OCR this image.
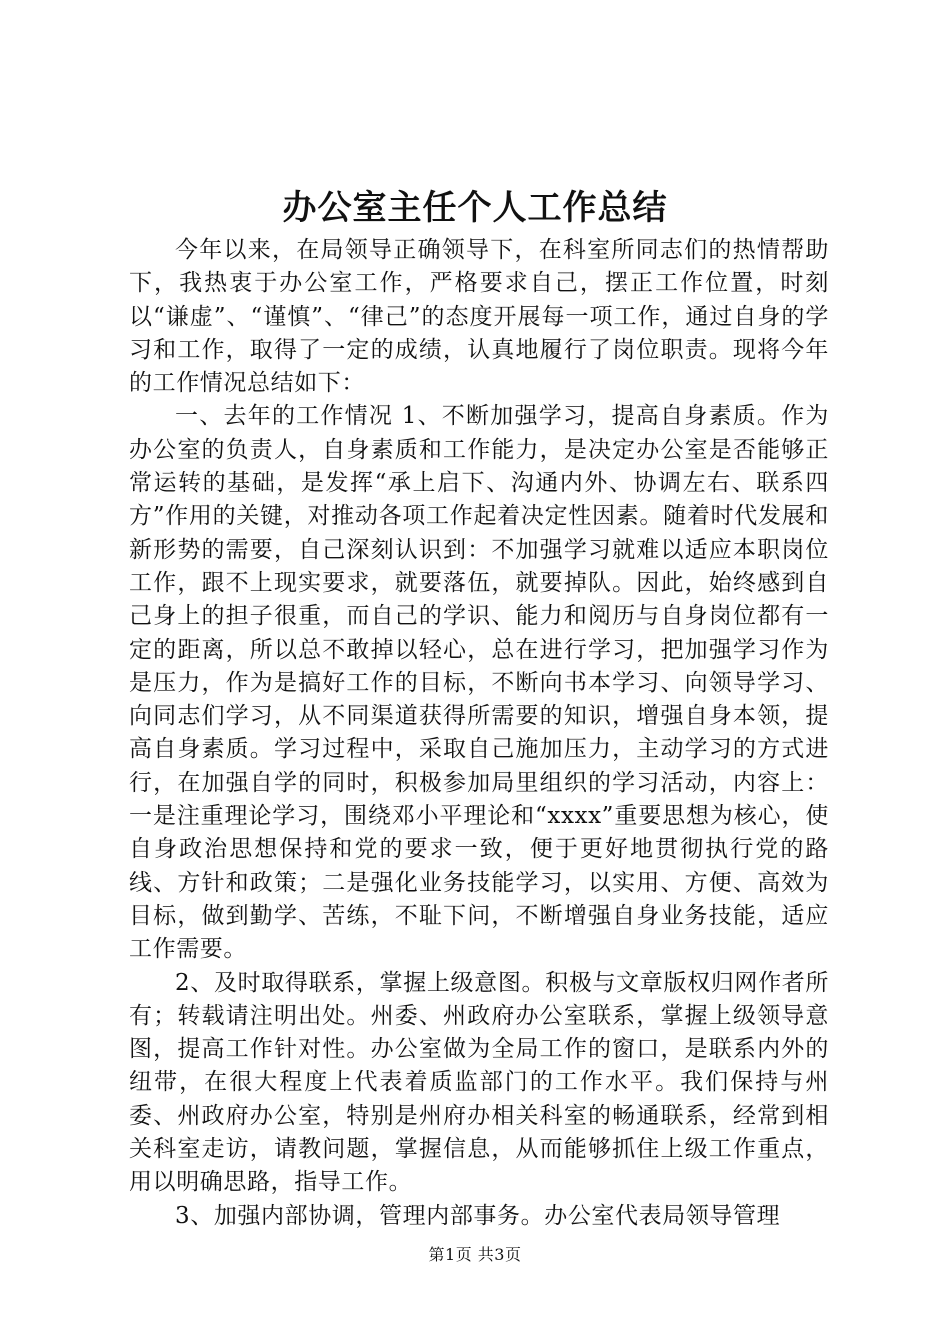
办公室主任个人工作总结

今年以来，在局领导正确领导下，在科室所同志们的热情帮助下，我热衷于办公室工作，严格要求自己，摆正工作位置，时刻以“谦虚”、“谨慎”、“律己”的态度开展每一项工作，通过自身的学习和工作，取得了一定的成绩，认真地履行了岗位职责。现将今年的工作情况总结如下：

一、去年的工作情况 1、不断加强学习，提高自身素质。作为办公室的负责人，自身素质和工作能力，是决定办公室是否能够正常运转的基础，是发挥“承上启下、沟通内外、协调左右、联系四方”作用的关键，对推动各项工作起着决定性因素。随着时代发展和新形势的需要，自己深刻认识到：不加强学习就难以适应本职岗位工作，跟不上现实要求，就要落伍，就要掉队。因此，始终感到自己身上的担子很重，而自己的学识、能力和阅历与自身岗位都有一定的距离，所以总不敢掉以轻心，总在进行学习，把加强学习作为是压力，作为是搞好工作的目标，不断向书本学习、向领导学习、向同志们学习，从不同渠道获得所需要的知识，增强自身本领，提高自身素质。学习过程中，采取自己施加压力，主动学习的方式进行，在加强自学的同时，积极参加局里组织的学习活动，内容上：一是注重理论学习，围绕邓小平理论和“xxxx”重要思想为核心，使自身政治思想保持和党的要求一致，便于更好地贯彻执行党的路线、方针和政策；二是强化业务技能学习，以实用、方便、高效为目标，做到勤学、苦练，不耻下问，不断增强自身业务技能，适应工作需要。

2、及时取得联系，掌握上级意图。积极与文章版权归网作者所有；转载请注明出处。州委、州政府办公室联系，掌握上级领导意图，提高工作针对性。办公室做为全局工作的窗口，是联系内外的纽带，在很大程度上代表着质监部门的工作水平。我们保持与州委、州政府办公室，特别是州府办相关科室的畅通联系，经常到相关科室走访，请教问题，掌握信息，从而能够抓住上级工作重点，用以明确思路，指导工作。

3、加强内部协调，管理内部事务。办公室代表局领导管理

第1页 共3页
